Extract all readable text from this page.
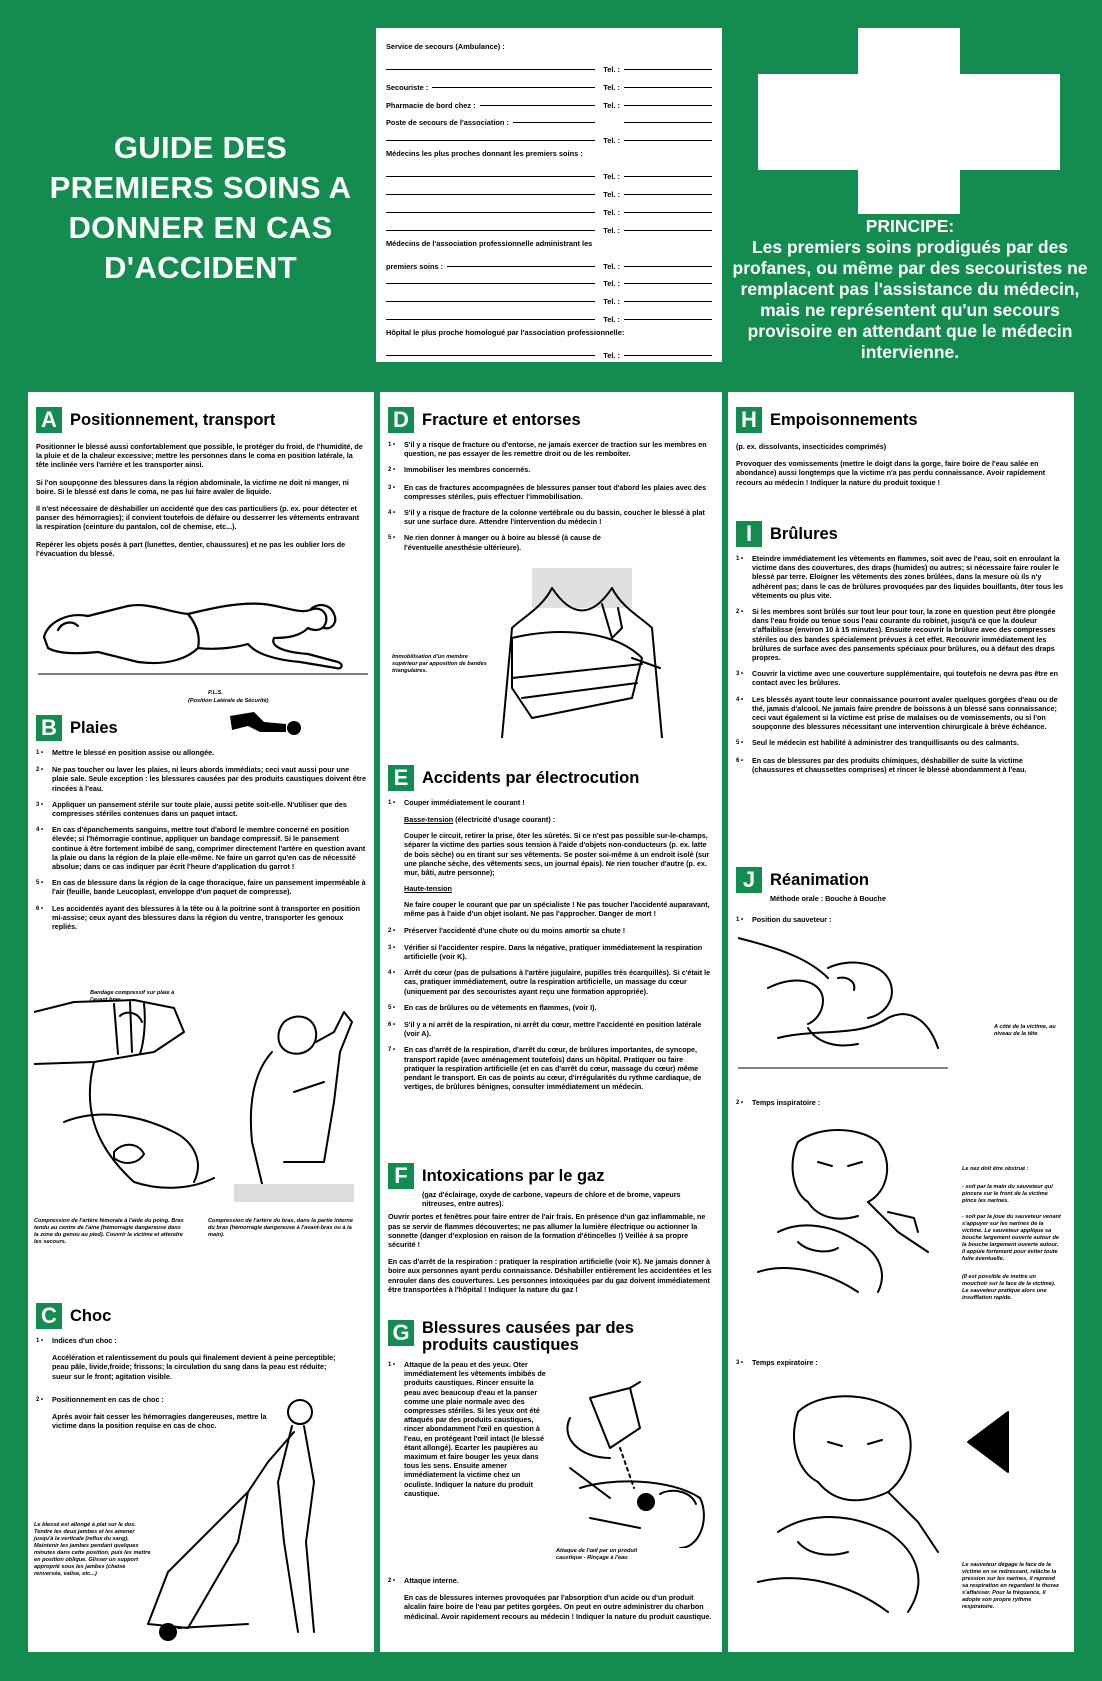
GUIDE DES PREMIERS SOINS A DONNER EN CAS D'ACCIDENT
Service de secours (Ambulance) :
Tel. :
Secouriste :	Tel. :
Pharmacie de bord chez :	Tel. :
Poste de secours de l'association :
Tel. :
Médecins les plus proches donnant les premiers soins :
Tel. :
Tel. :
Tel. :
Tel. :
Médecins de l'association professionnelle administrant les
premiers soins :	Tel. :
Tel. :
Tel. :
Tel. :
Hôpital le plus proche homologué par l'association professionnelle:
Tel. :
PRINCIPE:
Les premiers soins prodigués par des profanes, ou même par des secouristes ne remplacent pas l'assistance du médecin, mais ne représentent qu'un secours provisoire en attendant que le médecin intervienne.
A Positionnement, transport
Positionner le blessé aussi confortablement que possible, le protéger du froid, de l'humidité, de la pluie et de la chaleur excessive; mettre les personnes dans le coma en position latérale, la tête inclinée vers l'arrière et les transporter ainsi.
Si l'on soupçonne des blessures dans la région abdominale, la victime ne doit ni manger, ni boire. Si le blessé est dans le coma, ne pas lui faire avaler de liquide.
Il n'est nécessaire de déshabiller un accidenté que des cas particuliers (p. ex. pour détecter et panser des hémorragies); il convient toutefois de défaire ou desserrer les vêtements entravant la respiration (ceinture du pantalon, col de chemise, etc...).
Repérer les objets posés à part (lunettes, dentier, chaussures) et ne pas les oublier lors de l'évacuation du blessé.
P.L.S.
(Position Latérale de Sécurité)
B Plaies
1 •	Mettre le blessé en position assise ou allongée.
2 •	Ne pas toucher ou laver les plaies, ni leurs abords immédiats; ceci vaut aussi pour une plaie sale. Seule exception : les blessures causées par des produits caustiques doivent être rincées à l'eau.
3 •	Appliquer un pansement stérile sur toute plaie, aussi petite soit-elle. N'utiliser que des compresses stériles contenues dans un paquet intact.
4 •	En cas d'épanchements sanguins, mettre tout d'abord le membre concerné en position élevée; si l'hémorragie continue, appliquer un bandage compressif. Si le pansement continue à être fortement imbibé de sang, comprimer directement l'artère en question avant la plaie ou dans la région de la plaie elle-même. Ne faire un garrot qu'en cas de nécessité absolue; dans ce cas indiquer par écrit l'heure d'application du garrot !
5 •	En cas de blessure dans la région de la cage thoracique, faire un pansement imperméable à l'air (feuille, bande Leucoplast, enveloppe d'un paquet de compresse).
6 •	Les accidentés ayant des blessures à la tête ou à la poitrine sont à transporter en position mi-assise; ceux ayant des blessures dans la région du ventre, transporter les genoux repliés.
Bandage compressif sur plaie à l'avant bras
Compression de l'artère fémorale à l'aide du poing. Bras tendu au centre de l'aine (hémorragie dangereuse dans la zone du genou au pied). Couvrir la victime et attendre les secours.
Compression de l'artère du bras, dans la partie interne du bras (hémorragie dangereuse à l'avant-bras ou à la main).
C Choc
1 •	Indices d'un choc :
Accélération et ralentissement du pouls qui finalement devient à peine perceptible; peau pâle, livide,froide; frissons; la circulation du sang dans la peau est réduite; sueur sur le front; agitation visible.
2 •	Positionnement en cas de choc :
Après avoir fait cesser les hémorragies dangereuses, mettre la victime dans la position requise en cas de choc.
Le blessé est allongé à plat sur le dos. Tendre les deux jambes et les amener jusqu'à la verticale (reflux du sang). Maintenir les jambes pendant quelques minutes dans cette position, puis les mettre en position oblique. Glisser un support approprié sous les jambes (chaise renversée, valise, etc...)
D Fracture et entorses
1 •	S'il y a risque de fracture ou d'entorse, ne jamais exercer de traction sur les membres en question, ne pas essayer de les remettre droit ou de les remboîter.
2 •	Immobiliser les membres concernés.
3 •	En cas de fractures accompagnées de blessures panser tout d'abord les plaies avec des compresses stériles, puis effectuer l'immobilisation.
4 •	S'il y a risque de fracture de la colonne vertébrale ou du bassin, coucher le blessé à plat sur une surface dure. Attendre l'intervention du médecin !
5 •	Ne rien donner à manger ou à boire au blessé (à cause de l'éventuelle anesthésie ultérieure).
Immobilisation d'un membre supérieur par apposition de bandes triangulaires.
E Accidents par électrocution
1 •	Couper immédiatement le courant !
Basse-tension (électricité d'usage courant) :
Couper le circuit, retirer la prise, ôter les sûretés. Si ce n'est pas possible sur-le-champs, séparer la victime des parties sous tension à l'aide d'objets non-conducteurs (p. ex. latte de bois sèche) ou en tirant sur ses vêtements. Se poster soi-même à un endroit isolé (sur une planche sèche, des vêtements secs, un journal épais). Ne rien toucher d'autre (p. ex. mur, bâti, autre personne);
Haute-tension
Ne faire couper le courant que par un spécialiste ! Ne pas toucher l'accidenté auparavant, même pas à l'aide d'un objet isolant. Ne pas l'approcher. Danger de mort !
2 •	Préserver l'accidenté d'une chute ou du moins amortir sa chute !
3 •	Vérifier si l'accidenter respire. Dans la négative, pratiquer immédiatement la respiration artificielle (voir K).
4 •	Arrêt du cœur (pas de pulsations à l'artère jugulaire, pupilles très écarquillés). Si c'était le cas, pratiquer immédiatement, outre la respiration artificielle, un massage du cœur (uniquement par des secouristes ayant reçu une formation appropriée).
5 •	En cas de brûlures ou de vêtements en flammes, (voir I).
6 •	S'il y a ni arrêt de la respiration, ni arrêt du cœur, mettre l'accidenté en position latérale (voir A).
7 •	En cas d'arrêt de la respiration, d'arrêt du cœur, de brûlures importantes, de syncope, transport rapide (avec aménagement toutefois) dans un hôpital. Pratiquer ou faire pratiquer la respiration artificielle (et en cas d'arrêt du cœur, massage du cœur) même pendant le transport. En cas de points au cœur, d'irrégularités du rythme cardiaque, de vertiges, de brûlures bénignes, consulter immédiatement un médecin.
F Intoxications par le gaz
(gaz d'éclairage, oxyde de carbone, vapeurs de chlore et de brome, vapeurs nitreuses, entre autres).
Ouvrir portes et fenêtres pour faire entrer de l'air frais. En présence d'un gaz inflammable, ne pas se servir de flammes découvertes; ne pas allumer la lumière électrique ou actionner la sonnette (danger d'explosion en raison de la formation d'étincelles !) Veillée à sa propre sécurité !
En cas d'arrêt de la respiration : pratiquer la respiration artificielle (voir K). Ne jamais donner à boire aux personnes ayant perdu connaissance. Déshabiller entièrement les accidentées et les enrouler dans des couvertures. Les personnes intoxiquées par du gaz doivent immédiatement être transportées à l'hôpital ! Indiquer la nature du gaz !
G Blessures causées par des produits caustiques
1 •	Attaque de la peau et des yeux. Oter immédiatement les vêtements imbibés de produits caustiques. Rincer ensuite la peau avec beaucoup d'eau et la panser comme une plaie normale avec des compresses stériles. Si les yeux ont été attaqués par des produits caustiques, rincer abondamment l'œil en question à l'eau, en protégeant l'œil intact (le blessé étant allongé). Ecarter les paupières au maximum et faire bouger les yeux dans tous les sens. Ensuite amener immédiatement la victime chez un oculiste. Indiquer la nature du produit caustique.
Attaque de l'œil par un produit caustique - Rinçage à l'eau
2 •	Attaque interne.
En cas de blessures internes provoquées par l'absorption d'un acide ou d'un produit alcalin faire boire de l'eau par petites gorgées. On peut en outre administrer du charbon médicinal. Avoir rapidement recours au médecin ! Indiquer la nature du produit caustique.
H Empoisonnements
(p. ex. dissolvants, insecticides comprimés)
Provoquer des vomissements (mettre le doigt dans la gorge, faire boire de l'eau salée en abondance) aussi longtemps que la victime n'a pas perdu connaissance. Avoir rapidement recours au médecin ! Indiquer la nature du produit toxique !
I	Brûlures
1 •	Eteindre immédiatement les vêtements en flammes, soit avec de l'eau, soit en enroulant la victime dans des couvertures, des draps (humides) ou autres; si nécessaire faire rouler le blessé par terre. Eloigner les vêtements des zones brûlées, dans la mesure où ils n'y adhèrent pas; dans le cas de brûlures provoquées par des liquides bouillants, ôter tous les vêtements ou plus vite.
2 •	Si les membres sont brûlés sur tout leur pour tour, la zone en question peut être plongée dans l'eau froide ou tenue sous l'eau courante du robinet, jusqu'à ce que la douleur s'affaiblisse (environ 10 à 15 minutes). Ensuite recouvrir la brûlure avec des compresses stériles ou des bandes spécialement prévues à cet effet. Recouvrir immédiatement les brûlures de surface avec des pansements spéciaux pour brûlures, ou à défaut des draps propres.
3 •	Couvrir la victime avec une couverture supplémentaire, qui toutefois ne devra pas être en contact avec les brûlures.
4 •	Les blessés ayant toute leur connaissance pourront avaler quelques gorgées d'eau ou de thé, jamais d'alcool. Ne jamais faire prendre de boissons à un blessé sans connaissance; ceci vaut également si la victime est prise de malaises ou de vomissements, ou si l'on soupçonne des blessures nécessitant une intervention chirurgicale à brève échéance.
5 •	Seul le médecin est habilité à administrer des tranquillisants ou des calmants.
6 •	En cas de blessures par des produits chimiques, déshabiller de suite la victime (chaussures et chaussettes comprises) et rincer le blessé abondamment à l'eau.
J Réanimation
Méthode orale : Bouche à Bouche
1 •	Position du sauveteur :
A côté de la victime, au niveau de la tête
2 •	Temps inspiratoire :
Le nez doit être obstrué :
- soit par la main du sauveteur qui pincera sur le front de la victime pince les narines.
- soit par la joue du sauveteur venant s'appuyer sur les narines de la victime. Le sauveteur applique sa bouche largement ouverte autour de la bouche largement ouverte autour, il appuie fortement pour éviter toute fuite éventuelle.
(Il est possible de mettre un mouchoir sur la face de la victime). Le sauveteur pratique alors une insufflation rapide.
3 •	Temps expiratoire :
Le sauveteur dégage la face de la victime en se redressant, relâche la pression sur les narines, il reprend sa respiration en regardant le thorax s'affaisser. Pour la fréquence, il adopte son propre rythme respiratoire.
